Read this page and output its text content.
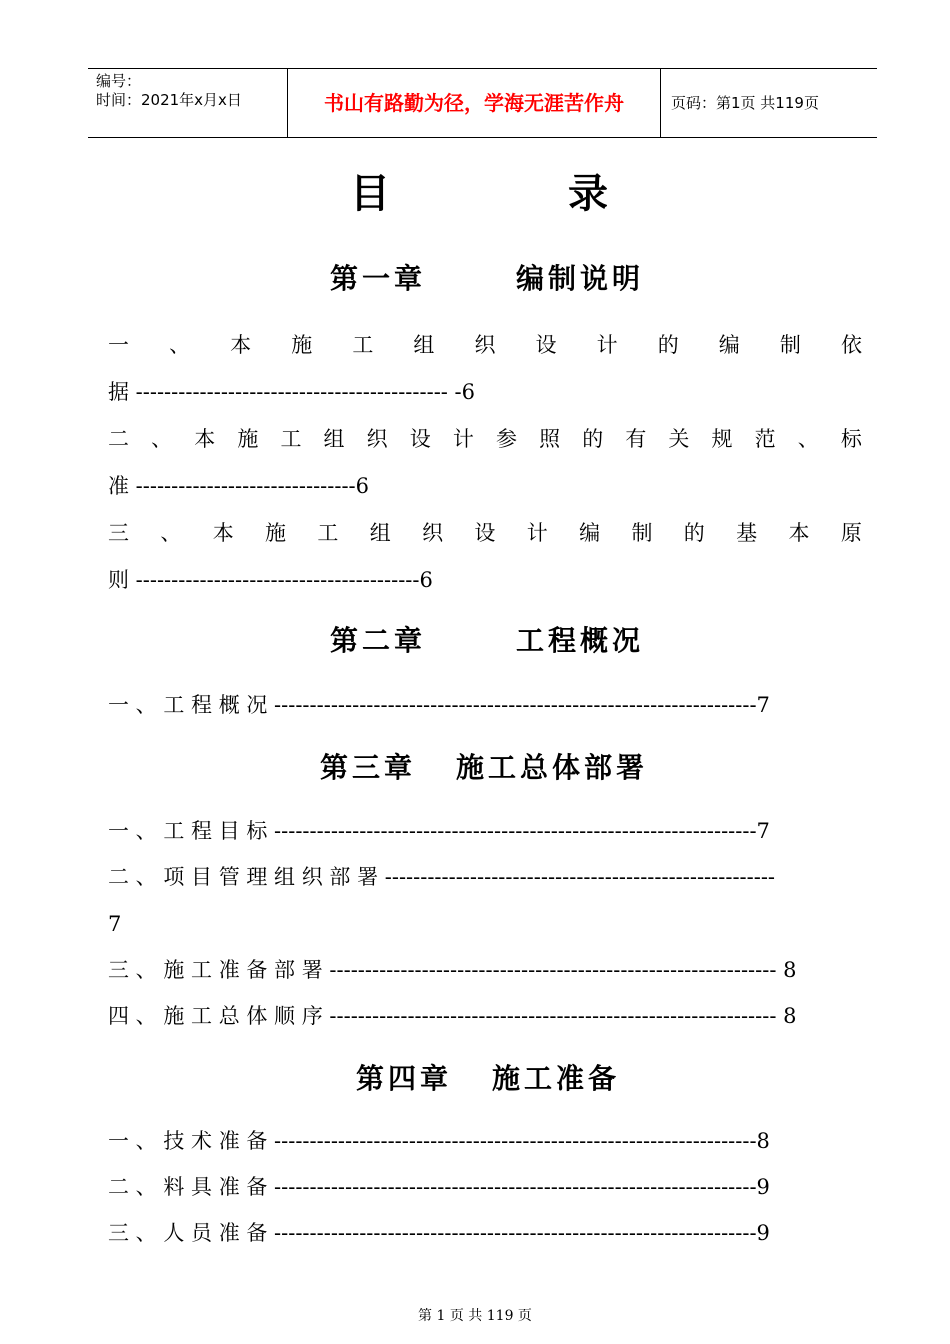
编号：
时间：2021年x月x日	书山有路勤为径，学海无涯苦作舟	页码：第1页 共119页
目	录
第一章	编制说明
一 、 本 施 工 组 织 设 计 的 编 制 依
据 -------------------------------------------- -6
二 、 本 施 工 组 织 设 计 参 照 的 有 关 规 范 、 标
准 -------------------------------6
三 、 本 施 工 组 织 设 计 编 制 的 基 本 原
则 ----------------------------------------6
第二章	工程概况
一 、 工 程 概 况 --------------------------------------------------------------------7
第三章 施工总体部署
一 、 工 程 目 标 --------------------------------------------------------------------7
二 、 项 目 管 理 组 织 部 署 -------------------------------------------------------
7
三 、 施 工 准 备 部 署 --------------------------------------------------------------- 8
四 、 施 工 总 体 顺 序 --------------------------------------------------------------- 8
第四章 施工准备
一 、 技 术 准 备 --------------------------------------------------------------------8
二 、 料 具 准 备 --------------------------------------------------------------------9
三 、 人 员 准 备 --------------------------------------------------------------------9
第 1 页 共 119 页
